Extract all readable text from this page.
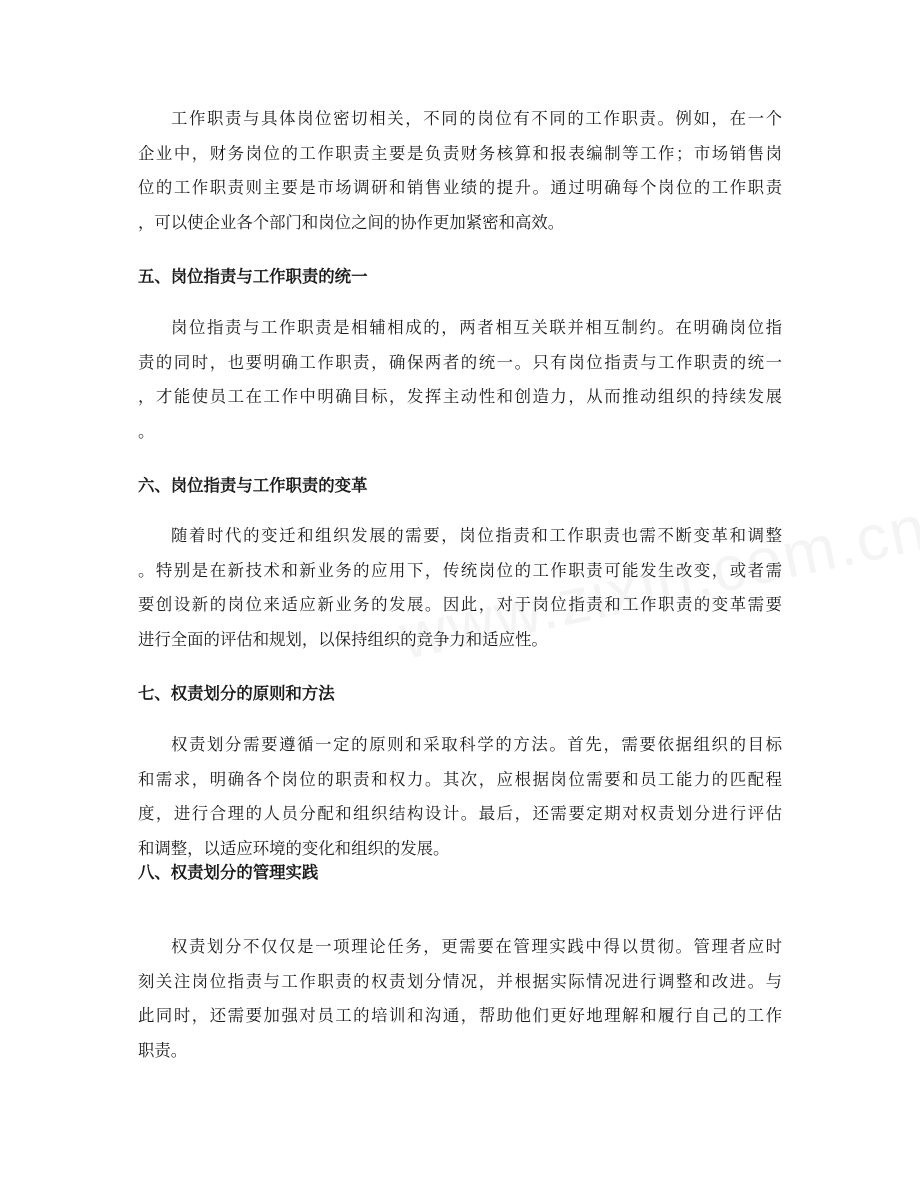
工作职责与具体岗位密切相关，不同的岗位有不同的工作职责。例如，在一个

企业中，财务岗位的工作职责主要是负责财务核算和报表编制等工作；市场销售岗

位的工作职责则主要是市场调研和销售业绩的提升。通过明确每个岗位的工作职责

，可以使企业各个部门和岗位之间的协作更加紧密和高效。

五、岗位指责与工作职责的统一

岗位指责与工作职责是相辅相成的，两者相互关联并相互制约。在明确岗位指

责的同时，也要明确工作职责，确保两者的统一。只有岗位指责与工作职责的统一

，才能使员工在工作中明确目标，发挥主动性和创造力，从而推动组织的持续发展

。

六、岗位指责与工作职责的变革

随着时代的变迁和组织发展的需要，岗位指责和工作职责也需不断变革和调整

。特别是在新技术和新业务的应用下，传统岗位的工作职责可能发生改变，或者需

要创设新的岗位来适应新业务的发展。因此，对于岗位指责和工作职责的变革需要

进行全面的评估和规划，以保持组织的竞争力和适应性。

七、权责划分的原则和方法

权责划分需要遵循一定的原则和采取科学的方法。首先，需要依据组织的目标

和需求，明确各个岗位的职责和权力。其次，应根据岗位需要和员工能力的匹配程

度，进行合理的人员分配和组织结构设计。最后，还需要定期对权责划分进行评估

和调整，以适应环境的变化和组织的发展。

八、权责划分的管理实践

权责划分不仅仅是一项理论任务，更需要在管理实践中得以贯彻。管理者应时

刻关注岗位指责与工作职责的权责划分情况，并根据实际情况进行调整和改进。与

此同时，还需要加强对员工的培训和沟通，帮助他们更好地理解和履行自己的工作

职责。
